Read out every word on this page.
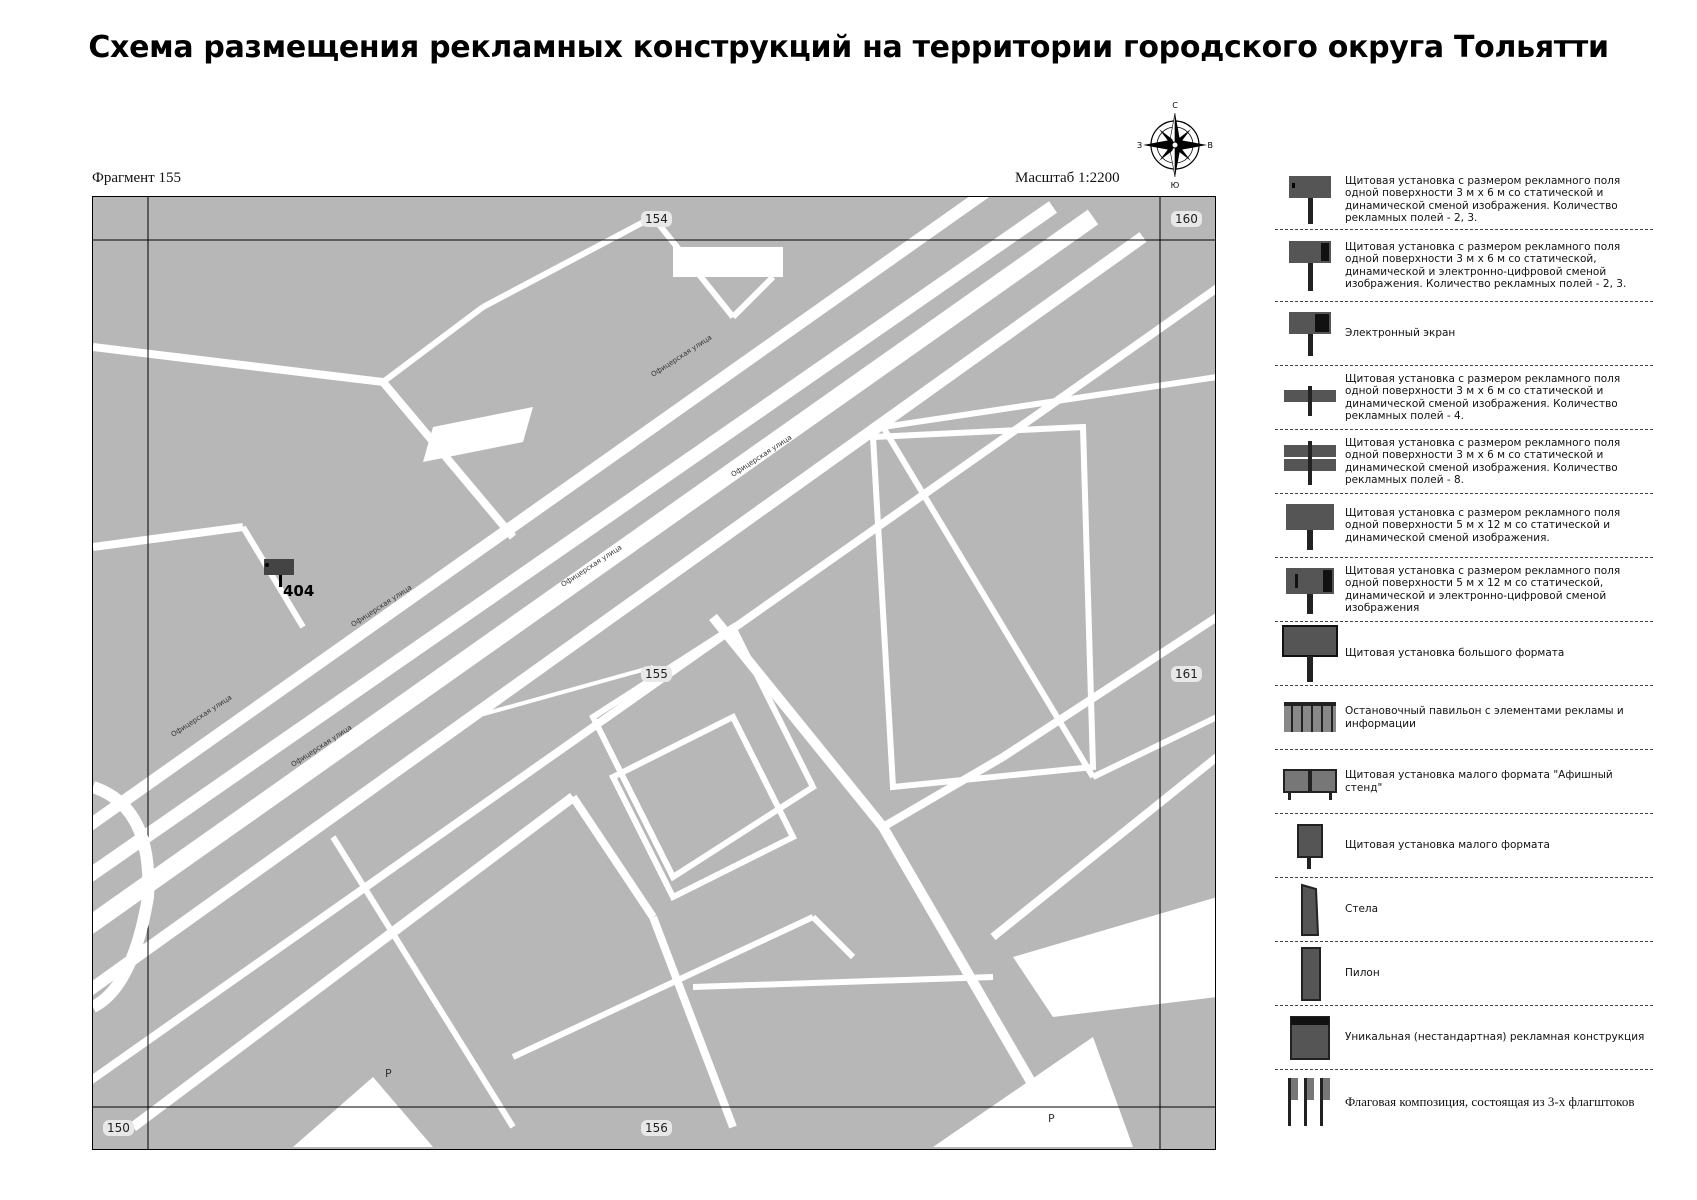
Схема размещения рекламных конструкций на территории городского округа Тольятти
Фрагмент 155	Масштаб 1:2200
С
Ю
З	В
Р
Р
Офицерская улица
Офицерская улица
Офицерская улица
Офицерская улица
Офицерская улица
Офицерская улица
154	160
155	161
150	156
404
Щитовая установка с размером рекламного поля одной поверхности 3 м х 6 м со статической и динамической сменой изображения. Количество рекламных полей - 2, 3.
Щитовая установка с размером рекламного поля одной поверхности 3 м х 6 м со статической, динамической и электронно-цифровой сменой изображения. Количество рекламных полей - 2, 3.
Электронный экран
Щитовая установка с размером рекламного поля одной поверхности 3 м х 6 м со статической и динамической сменой изображения. Количество рекламных полей - 4.
Щитовая установка с размером рекламного поля одной поверхности 3 м х 6 м со статической и динамической сменой изображения. Количество рекламных полей - 8.
Щитовая установка с размером рекламного поля одной поверхности 5 м х 12 м со статической и динамической сменой изображения.
Щитовая установка с размером рекламного поля одной поверхности 5 м х 12 м со статической, динамической и электронно-цифровой сменой изображения
Щитовая установка большого формата
Остановочный павильон с элементами рекламы и информации
Щитовая установка малого формата "Афишный стенд"
Щитовая установка малого формата
Стела
Пилон
Уникальная (нестандартная) рекламная конструкция
Флаговая композиция, состоящая из 3-х флагштоков
